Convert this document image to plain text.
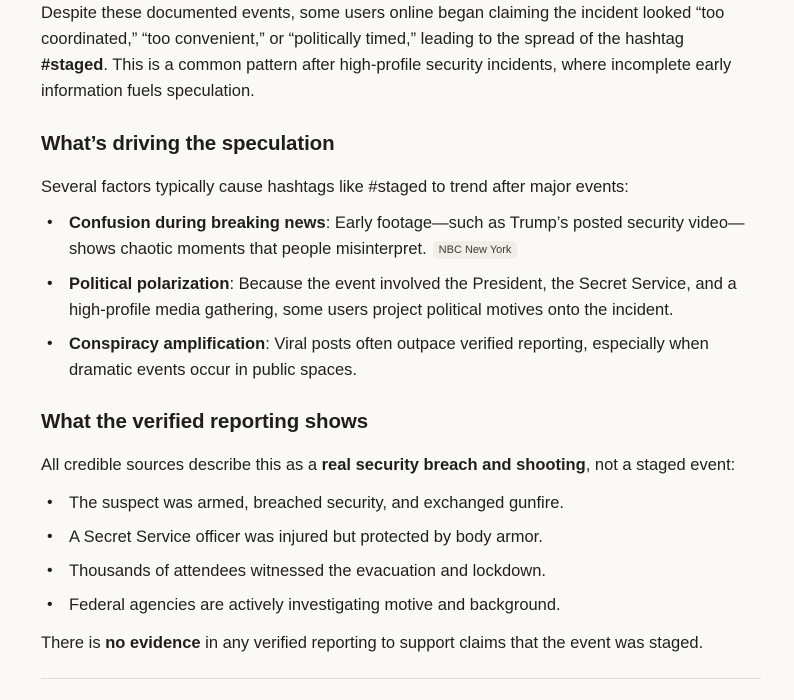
Despite these documented events, some users online began claiming the incident looked “too coordinated,” “too convenient,” or “politically timed,” leading to the spread of the hashtag #staged. This is a common pattern after high-profile security incidents, where incomplete early information fuels speculation.

What’s driving the speculation

Several factors typically cause hashtags like #staged to trend after major events:

• Confusion during breaking news: Early footage—such as Trump’s posted security video—shows chaotic moments that people misinterpret. NBC New York
• Political polarization: Because the event involved the President, the Secret Service, and a high-profile media gathering, some users project political motives onto the incident.
• Conspiracy amplification: Viral posts often outpace verified reporting, especially when dramatic events occur in public spaces.
What the verified reporting shows

All credible sources describe this as a real security breach and shooting, not a staged event:

• The suspect was armed, breached security, and exchanged gunfire.
• A Secret Service officer was injured but protected by body armor.
• Thousands of attendees witnessed the evacuation and lockdown.
• Federal agencies are actively investigating motive and background.

There is no evidence in any verified reporting to support claims that the event was staged.
